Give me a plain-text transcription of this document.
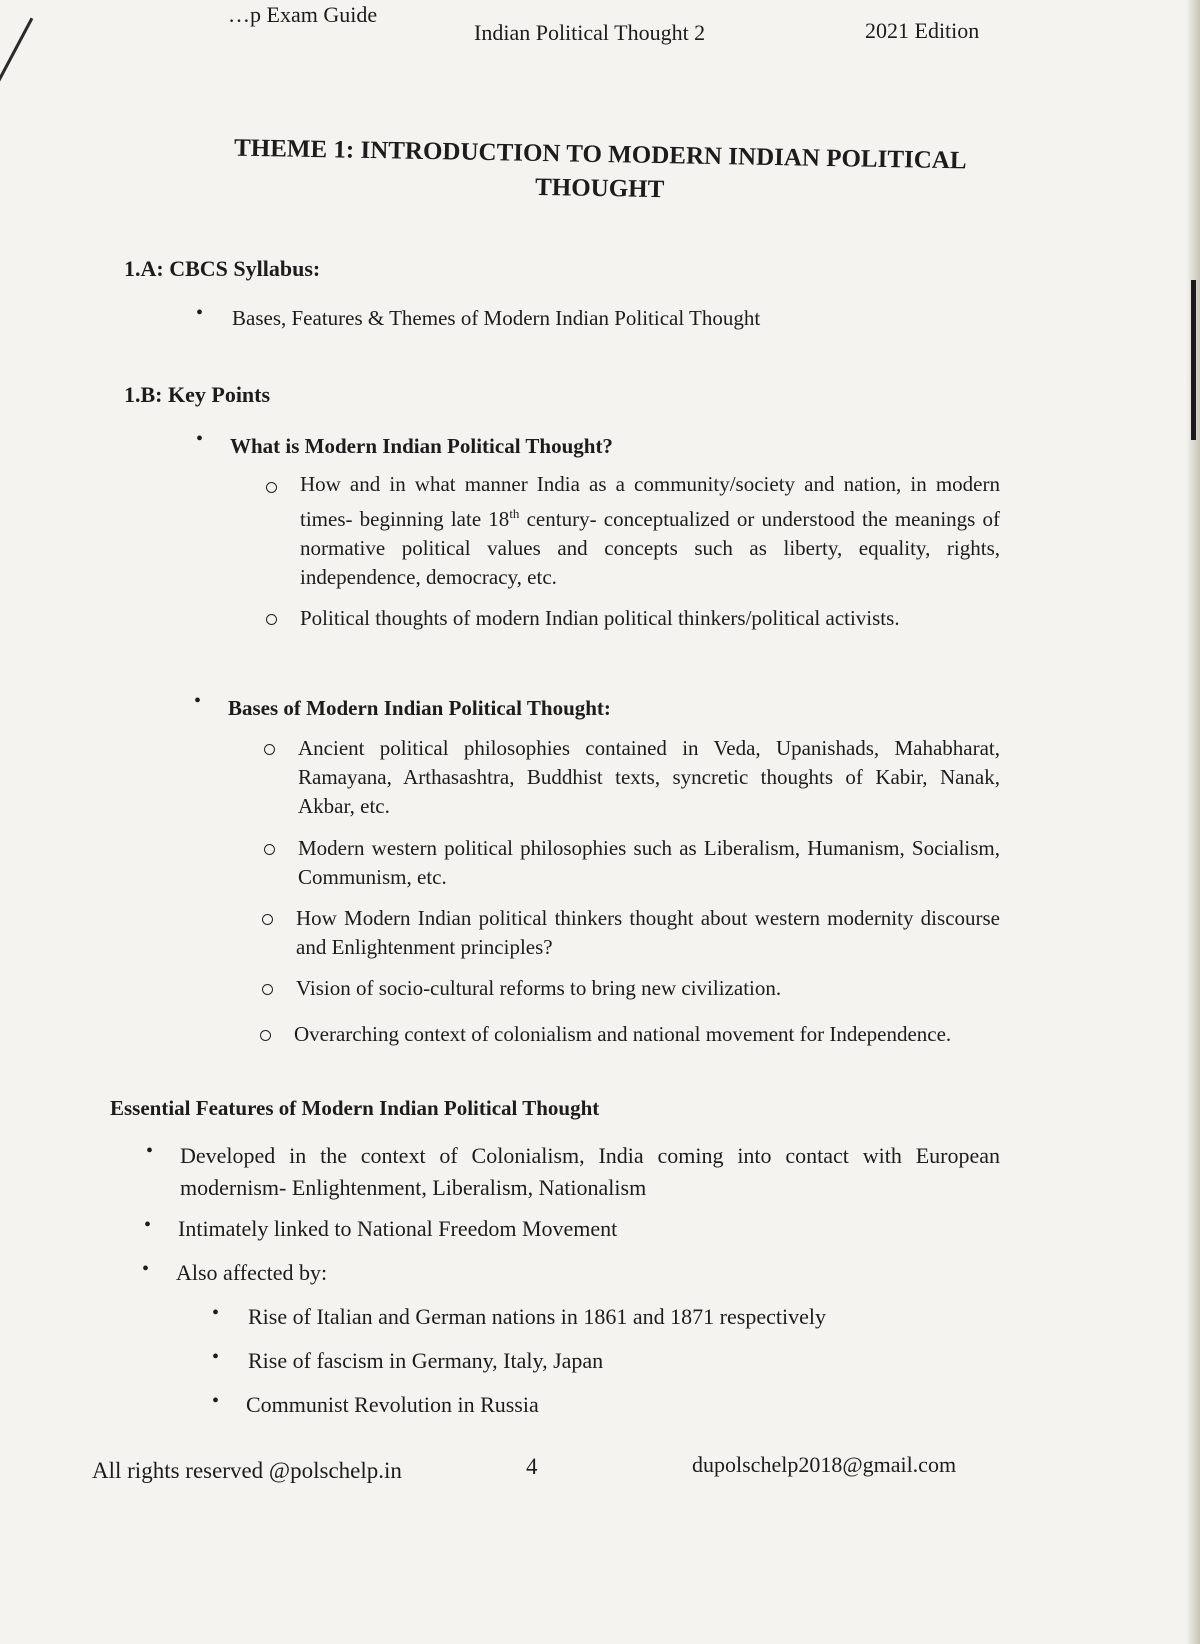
…p Exam Guide
Indian Political Thought 2	2021 Edition
THEME 1: INTRODUCTION TO MODERN INDIAN POLITICAL THOUGHT
1.A: CBCS Syllabus:
• Bases, Features & Themes of Modern Indian Political Thought
1.B: Key Points
• What is Modern Indian Political Thought?
How and in what manner India as a community/society and nation, in modern times- beginning late 18th century- conceptualized or understood the meanings of normative political values and concepts such as liberty, equality, rights, independence, democracy, etc.
Political thoughts of modern Indian political thinkers/political activists.
• Bases of Modern Indian Political Thought:
Ancient political philosophies contained in Veda, Upanishads, Mahabharat, Ramayana, Arthasashtra, Buddhist texts, syncretic thoughts of Kabir, Nanak, Akbar, etc.
Modern western political philosophies such as Liberalism, Humanism, Socialism, Communism, etc.
How Modern Indian political thinkers thought about western modernity discourse and Enlightenment principles?
Vision of socio-cultural reforms to bring new civilization.
Overarching context of colonialism and national movement for Independence.
Essential Features of Modern Indian Political Thought
• Developed in the context of Colonialism, India coming into contact with European modernism- Enlightenment, Liberalism, Nationalism
• Intimately linked to National Freedom Movement
• Also affected by:
• Rise of Italian and German nations in 1861 and 1871 respectively
• Rise of fascism in Germany, Italy, Japan
• Communist Revolution in Russia
All rights reserved @polschelp.in	4	dupolschelp2018@gmail.com
